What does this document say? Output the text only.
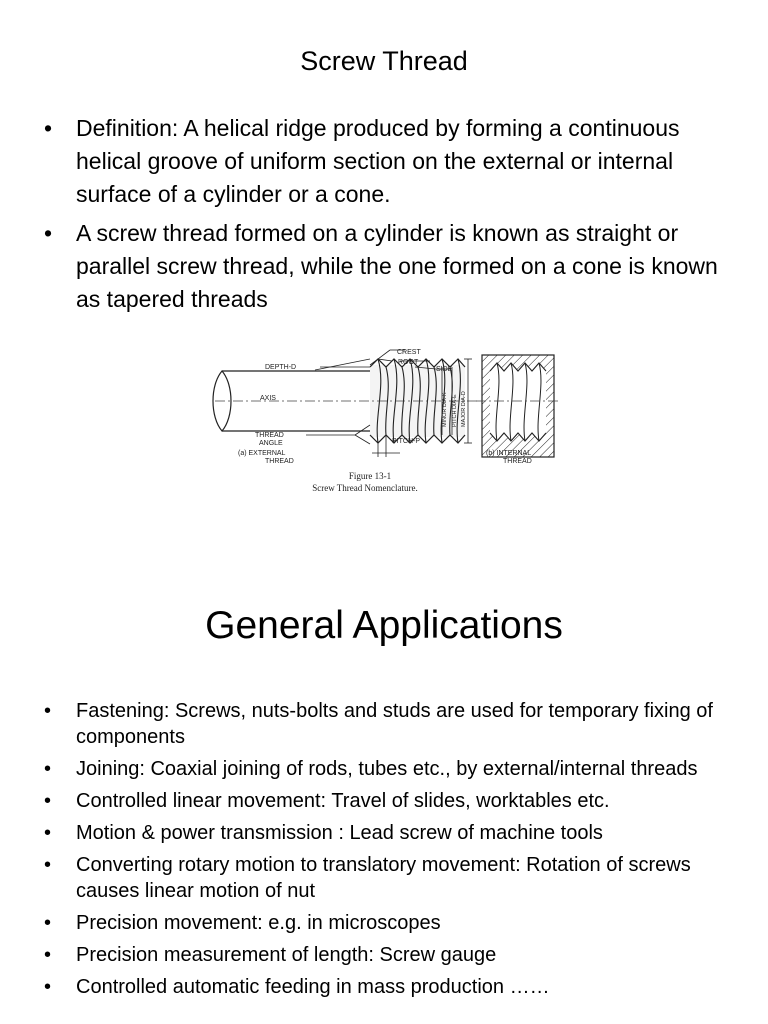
Screw Thread
• Definition: A helical ridge produced by forming a continuous helical groove of uniform section on the external or internal surface of a cylinder or a cone.
• A screw thread formed on a cylinder is known as straight or parallel screw thread, while the one formed on a cone is known as tapered threads
DEPTH-D
CREST
ROOT
SIDE
AXIS
THREAD
ANGLE	PITCH-P
(a) EXTERNAL
THREAD
(b) INTERNAL
THREAD
MINOR DIA-K PITCH DIA-E MAJOR DIA-D
Figure 13-1
Screw Thread Nomenclature.
General Applications
• Fastening: Screws, nuts-bolts and studs are used for temporary fixing of components
• Joining: Coaxial joining of rods, tubes etc., by external/internal threads
• Controlled linear movement: Travel of slides, worktables etc.
• Motion & power transmission : Lead screw of machine tools
• Converting rotary motion to translatory movement: Rotation of screws causes linear motion of nut
• Precision movement: e.g. in microscopes
• Precision measurement of length: Screw gauge
• Controlled automatic feeding in mass production ……
